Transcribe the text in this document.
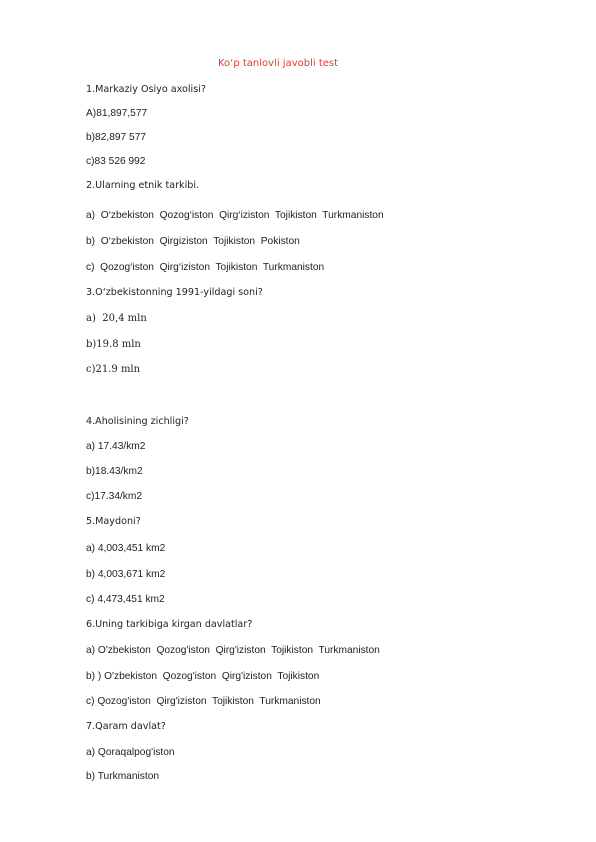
Ko‘p tanlovli javobli test
1.Markaziy Osiyo axolisi?
A)81,897,577
b)82,897 577
c)83 526 992
2.Ularning etnik tarkibi.
a)  O‘zbekiston  Qozog‘iston  Qirg‘iziston  Tojikiston  Turkmaniston
b)  O‘zbekiston  Qirgiziston  Tojikiston  Pokiston
c)  Qozog‘iston  Qirg‘iziston  Tojikiston  Turkmaniston
3.O‘zbekistonning 1991-yildagi soni?
a)  20,4 mln
b)19.8 mln
c)21.9 mln
4.Aholisining zichligi?
a) 17.43/km2
b)18.43/km2
c)17.34/km2
5.Maydoni?
a) 4,003,451 km2
b) 4,003,671 km2
c) 4,473,451 km2
6.Uning tarkibiga kirgan davlatlar?
a) O'zbekiston  Qozog'iston  Qirg'iziston  Tojikiston  Turkmaniston
b) ) O'zbekiston  Qozog'iston  Qirg'iziston  Tojikiston
c) Qozog'iston  Qirg'iziston  Tojikiston  Turkmaniston
7.Qaram davlat?
a) Qoraqalpog'iston
b) Turkmaniston
